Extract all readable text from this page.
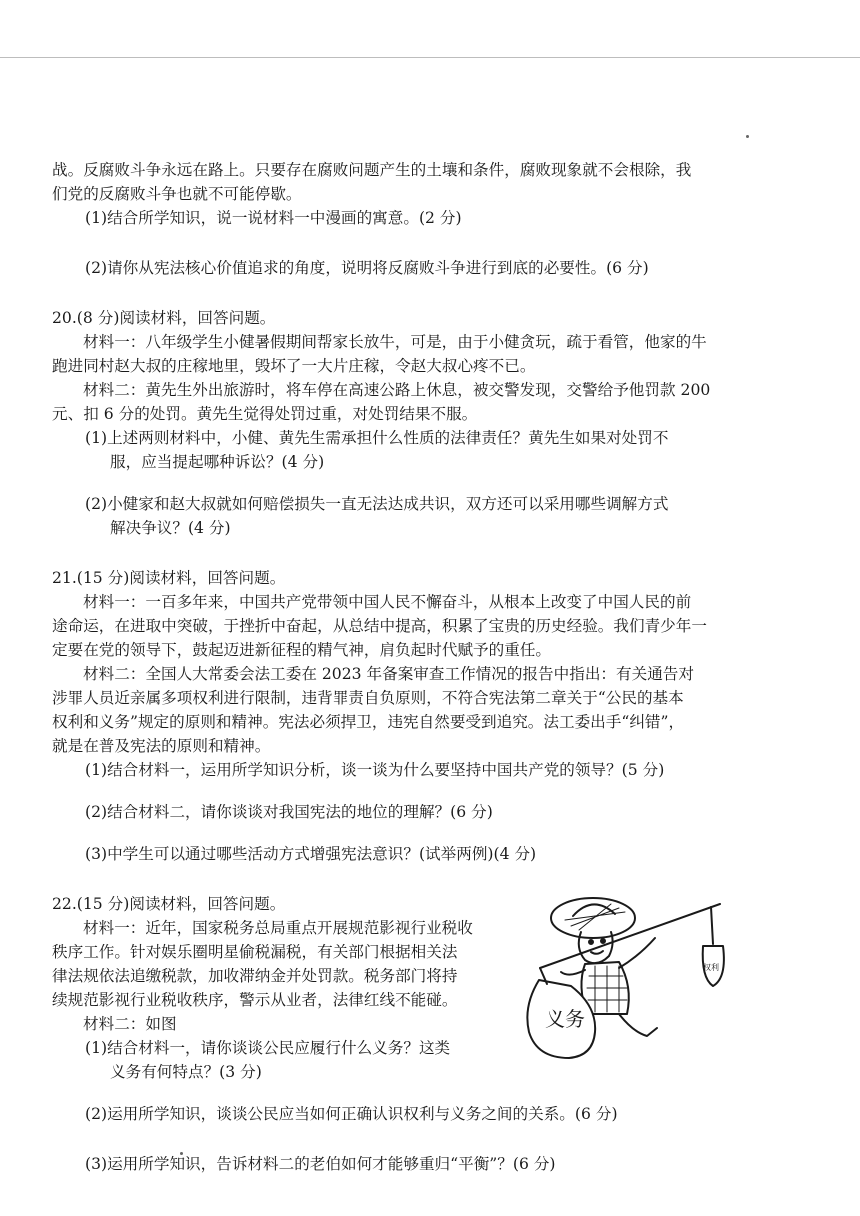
战。反腐败斗争永远在路上。只要存在腐败问题产生的土壤和条件，腐败现象就不会根除，我

们党的反腐败斗争也就不可能停歇。

(1)结合所学知识，说一说材料一中漫画的寓意。(2 分)

(2)请你从宪法核心价值追求的角度，说明将反腐败斗争进行到底的必要性。(6 分)

20.(8 分)阅读材料，回答问题。

材料一：八年级学生小健暑假期间帮家长放牛，可是，由于小健贪玩，疏于看管，他家的牛

跑进同村赵大叔的庄稼地里，毁坏了一大片庄稼，令赵大叔心疼不已。

材料二：黄先生外出旅游时，将车停在高速公路上休息，被交警发现，交警给予他罚款 200

元、扣 6 分的处罚。黄先生觉得处罚过重，对处罚结果不服。

(1)上述两则材料中，小健、黄先生需承担什么性质的法律责任？黄先生如果对处罚不

服，应当提起哪种诉讼？(4 分)

(2)小健家和赵大叔就如何赔偿损失一直无法达成共识，双方还可以采用哪些调解方式

解决争议？(4 分)

21.(15 分)阅读材料，回答问题。

材料一：一百多年来，中国共产党带领中国人民不懈奋斗，从根本上改变了中国人民的前

途命运，在进取中突破，于挫折中奋起，从总结中提高，积累了宝贵的历史经验。我们青少年一

定要在党的领导下，鼓起迈进新征程的精气神，肩负起时代赋予的重任。

材料二：全国人大常委会法工委在 2023 年备案审查工作情况的报告中指出：有关通告对

涉罪人员近亲属多项权利进行限制，违背罪责自负原则，不符合宪法第二章关于“公民的基本

权利和义务”规定的原则和精神。宪法必须捍卫，违宪自然要受到追究。法工委出手“纠错”，

就是在普及宪法的原则和精神。

(1)结合材料一，运用所学知识分析，谈一谈为什么要坚持中国共产党的领导？(5 分)

(2)结合材料二，请你谈谈对我国宪法的地位的理解？(6 分)

(3)中学生可以通过哪些活动方式增强宪法意识？(试举两例)(4 分)

22.(15 分)阅读材料，回答问题。

材料一：近年，国家税务总局重点开展规范影视行业税收

秩序工作。针对娱乐圈明星偷税漏税，有关部门根据相关法

律法规依法追缴税款，加收滞纳金并处罚款。税务部门将持

续规范影视行业税收秩序，警示从业者，法律红线不能碰。

材料二：如图

(1)结合材料一，请你谈谈公民应履行什么义务？这类

义务有何特点？(3 分)

义务
权利

(2)运用所学知识，谈谈公民应当如何正确认识权利与义务之间的关系。(6 分)

(3)运用所学知识，告诉材料二的老伯如何才能够重归“平衡”？(6 分)
